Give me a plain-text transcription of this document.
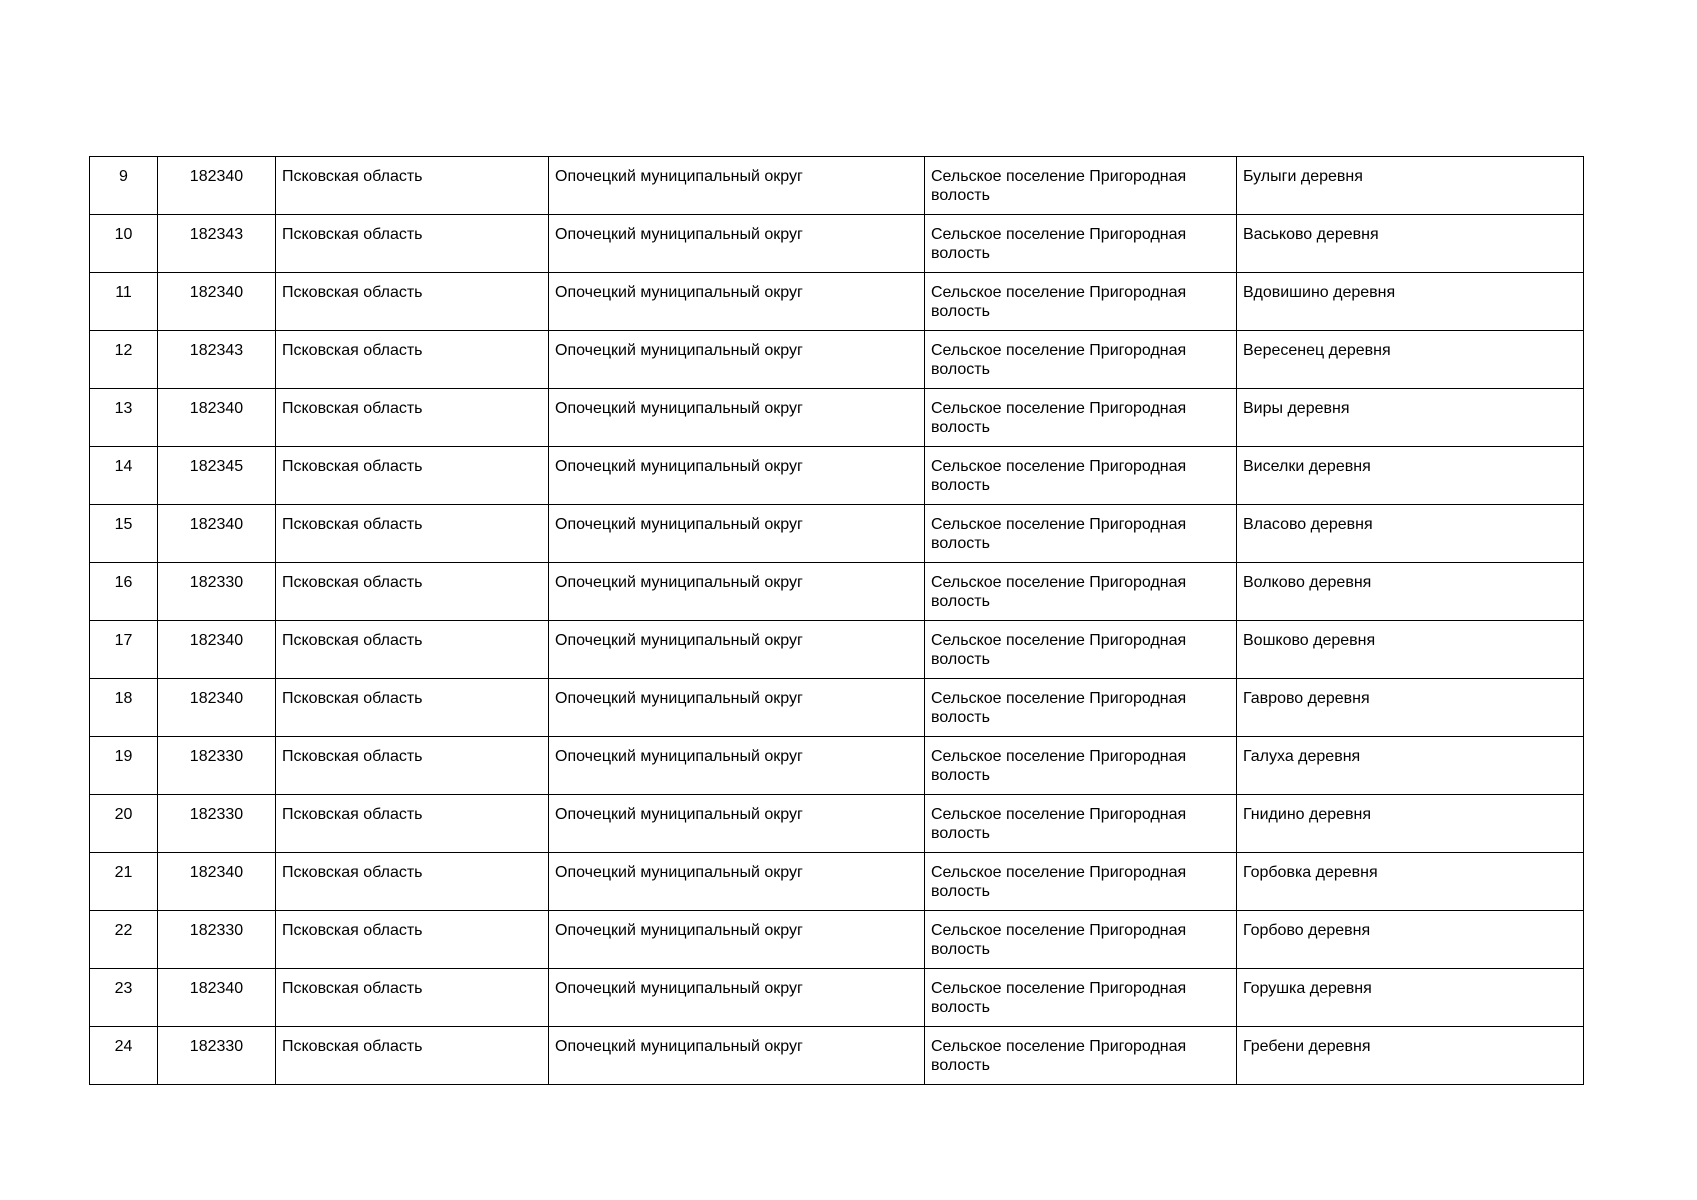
9	182340	Псковская область	Опочецкий муниципальный округ	Сельское поселение Пригородная волость	Булыги деревня
10	182343	Псковская область	Опочецкий муниципальный округ	Сельское поселение Пригородная волость	Васьково деревня
11	182340	Псковская область	Опочецкий муниципальный округ	Сельское поселение Пригородная волость	Вдовишино деревня
12	182343	Псковская область	Опочецкий муниципальный округ	Сельское поселение Пригородная волость	Вересенец деревня
13	182340	Псковская область	Опочецкий муниципальный округ	Сельское поселение Пригородная волость	Виры деревня
14	182345	Псковская область	Опочецкий муниципальный округ	Сельское поселение Пригородная волость	Виселки деревня
15	182340	Псковская область	Опочецкий муниципальный округ	Сельское поселение Пригородная волость	Власово деревня
16	182330	Псковская область	Опочецкий муниципальный округ	Сельское поселение Пригородная волость	Волково деревня
17	182340	Псковская область	Опочецкий муниципальный округ	Сельское поселение Пригородная волость	Вошково деревня
18	182340	Псковская область	Опочецкий муниципальный округ	Сельское поселение Пригородная волость	Гаврово деревня
19	182330	Псковская область	Опочецкий муниципальный округ	Сельское поселение Пригородная волость	Галуха деревня
20	182330	Псковская область	Опочецкий муниципальный округ	Сельское поселение Пригородная волость	Гнидино деревня
21	182340	Псковская область	Опочецкий муниципальный округ	Сельское поселение Пригородная волость	Горбовка деревня
22	182330	Псковская область	Опочецкий муниципальный округ	Сельское поселение Пригородная волость	Горбово деревня
23	182340	Псковская область	Опочецкий муниципальный округ	Сельское поселение Пригородная волость	Горушка деревня
24	182330	Псковская область	Опочецкий муниципальный округ	Сельское поселение Пригородная волость	Гребени деревня
